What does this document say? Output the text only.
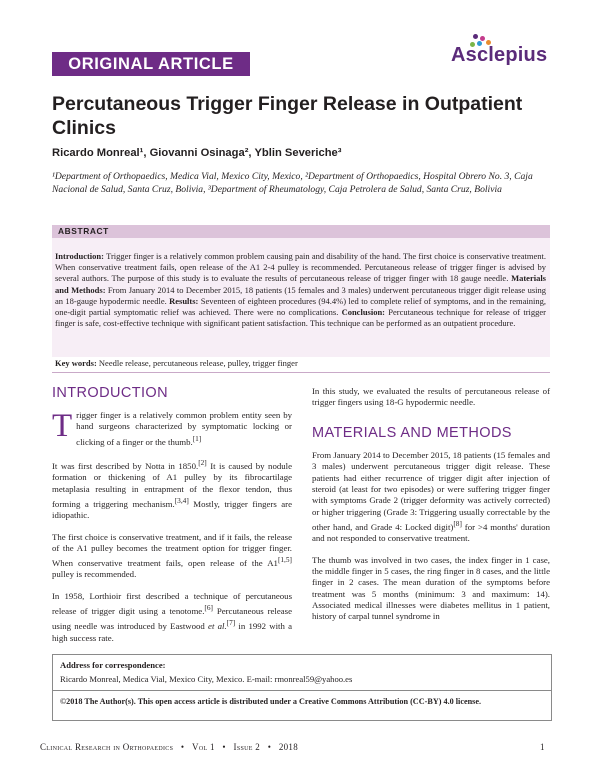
ORIGINAL ARTICLE	Asclepius
Percutaneous Trigger Finger Release in Outpatient Clinics
Ricardo Monreal¹, Giovanni Osinaga², Yblin Severiche³
¹Department of Orthopaedics, Medica Vial, Mexico City, Mexico, ²Department of Orthopaedics, Hospital Obrero No. 3, Caja Nacional de Salud, Santa Cruz, Bolivia, ³Department of Rheumatology, Caja Petrolera de Salud, Santa Cruz, Bolivia
ABSTRACT
Introduction: Trigger finger is a relatively common problem causing pain and disability of the hand. The first choice is conservative treatment. When conservative treatment fails, open release of the A1 2-4 pulley is recommended. Percutaneous release of trigger finger is advised by several authors. The purpose of this study is to evaluate the results of percutaneous release of trigger finger with 18 gauge needle. Materials and Methods: From January 2014 to December 2015, 18 patients (15 females and 3 males) underwent percutaneous trigger digit release using an 18-gauge hypodermic needle. Results: Seventeen of eighteen procedures (94.4%) led to complete relief of symptoms, and in the remaining, one-digit partial symptomatic relief was achieved. There were no complications. Conclusion: Percutaneous technique for release of trigger finger is safe, cost-effective technique with significant patient satisfaction. This technique can be performed as an outpatient procedure.
Key words: Needle release, percutaneous release, pulley, trigger finger
INTRODUCTION

T rigger finger is a relatively common problem entity seen by hand surgeons characterized by symptomatic locking or clicking of a finger or the thumb.[1]

It was first described by Notta in 1850.[2] It is caused by nodule formation or thickening of A1 pulley by its fibrocartilage metaplasia resulting in entrapment of the flexor tendon, thus forming a triggering mechanism.[3,4] Mostly, trigger fingers are idiopathic.

The first choice is conservative treatment, and if it fails, the release of the A1 pulley becomes the treatment option for trigger finger. When conservative treatment fails, open release of the A1[1,5] pulley is recommended.

In 1958, Lorthioir first described a technique of percutaneous release of trigger digit using a tenotome.[6] Percutaneous release using needle was introduced by Eastwood et al.[7] in 1992 with a high success rate.

In this study, we evaluated the results of percutaneous release of trigger fingers using 18-G hypodermic needle.

MATERIALS AND METHODS

From January 2014 to December 2015, 18 patients (15 females and 3 males) underwent percutaneous trigger digit release. These patients had either recurrence of trigger digit after injection of steroid (at least for two episodes) or were suffering trigger finger with symptoms Grade 2 (trigger deformity was actively corrected) or higher triggering (Grade 3: Triggering usually correctable by the other hand, and Grade 4: Locked digit)[8] for >4 months' duration and not responded to conservative treatment.

The thumb was involved in two cases, the index finger in 1 case, the middle finger in 5 cases, the ring finger in 8 cases, and the little finger in 2 cases. The mean duration of the symptoms before treatment was 5 months (minimum: 3 and maximum: 14). Associated medical illnesses were diabetes mellitus in 1 patient, history of carpal tunnel syndrome in

Address for correspondence:
Ricardo Monreal, Medica Vial, Mexico City, Mexico. E-mail: rmonreal59@yahoo.es
©2018 The Author(s). This open access article is distributed under a Creative Commons Attribution (CC-BY) 4.0 license.
Clinical Research in Orthopaedics • Vol 1 • Issue 2 • 2018	1
